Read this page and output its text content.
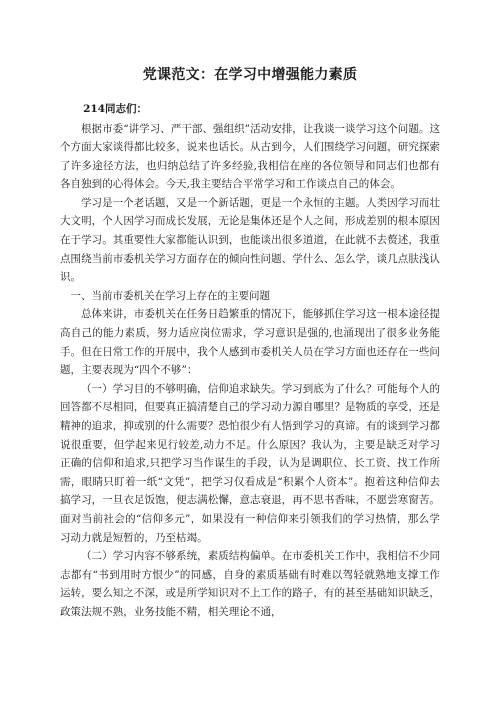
党课范文：在学习中增强能力素质

214同志们：

根据市委“讲学习、严干部、强组织”活动安排，让我谈一谈学习这个问题。这个方面大家谈得都比较多，说来也话长。从古到今，人们围绕学习问题，研究探索了许多途径方法，也归纳总结了许多经验,我相信在座的各位领导和同志们也都有各自独到的心得体会。今天,我主要结合平常学习和工作谈点自己的体会。

学习是一个老话题，又是一个新话题，更是一个永恒的主题。人类因学习而壮大文明，个人因学习而成长发展，无论是集体还是个人之间，形成差别的根本原因在于学习。其重要性大家都能认识到，也能谈出很多道道，在此就不去赘述，我重点围绕当前市委机关学习方面存在的倾向性问题、学什么、怎么学，谈几点肤浅认识。

一、当前市委机关在学习上存在的主要问题

总体来讲，市委机关在任务日趋繁重的情况下，能够抓住学习这一根本途径提高自己的能力素质，努力适应岗位需求，学习意识是强的,也涌现出了很多业务能手。但在日常工作的开展中，我个人感到市委机关人员在学习方面也还存在一些问题，主要表现为“四个不够”：

（一）学习目的不够明确，信仰追求缺失。学习到底为了什么？可能每个人的回答都不尽相同，但要真正搞清楚自己的学习动力源自哪里？是物质的享受，还是精神的追求，抑或别的什么需要？恐怕很少有人悟到学习的真谛。有的谈到学习都说很重要，但学起来见行较差,动力不足。什么原因？我认为，主要是缺乏对学习正确的信仰和追求,只把学习当作谋生的手段，认为是调职位、长工资、找工作所需，眼睛只盯着一纸“文凭”，把学习仅看成是“积累个人资本”。抱着这种信仰去搞学习，一旦衣足饭饱，便志满松懈，意志衰退，再不思书香味，不愿尝寒窗苦。面对当前社会的“信仰多元”，如果没有一种信仰来引领我们的学习热情，那么学习动力就是短暂的，乃至枯竭。

（二）学习内容不够系统，素质结构偏单。在市委机关工作中，我相信不少同志都有“书到用时方恨少”的同感，自身的素质基础有时难以驾轻就熟地支撑工作运转，要么知之不深，或是所学知识对不上工作的路子，有的甚至基础知识缺乏，政策法规不熟，业务技能不精，相关理论不通，
